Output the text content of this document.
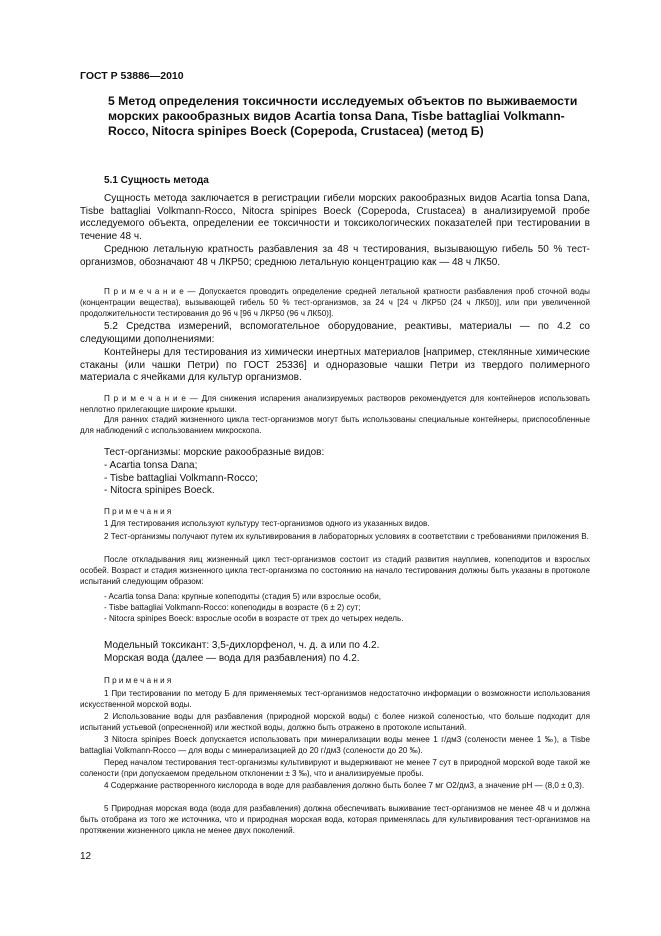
ГОСТ Р 53886—2010
5 Метод определения токсичности исследуемых объектов по выживаемости морских ракообразных видов Acartia tonsa Dana, Tisbe battagliai Volkmann-Rocco, Nitocra spinipes Boeck (Copepoda, Crustacea) (метод Б)
5.1 Сущность метода

Сущность метода заключается в регистрации гибели морских ракообразных видов Acartia tonsa Dana, Tisbe battagliai Volkmann-Rocco, Nitocra spinipes Boeck (Copepoda, Crustacea) в анализируемой пробе исследуемого объекта, определении ее токсичности и токсикологических показателей при тестировании в течение 48 ч.

Среднюю летальную кратность разбавления за 48 ч тестирования, вызывающую гибель 50 % тест-организмов, обозначают 48 ч ЛКР50; среднюю летальную концентрацию как — 48 ч ЛК50.

П р и м е ч а н и е — Допускается проводить определение средней летальной кратности разбавления проб сточной воды (концентрации вещества), вызывающей гибель 50 % тест-организмов, за 24 ч [24 ч ЛКР50 (24 ч ЛК50)], или при увеличенной продолжительности тестирования до 96 ч [96 ч ЛКР50 (96 ч ЛК50)].

5.2 Средства измерений, вспомогательное оборудование, реактивы, материалы — по 4.2 со следующими дополнениями:

Контейнеры для тестирования из химически инертных материалов [например, стеклянные химические стаканы (или чашки Петри) по ГОСТ 25336] и одноразовые чашки Петри из твердого полимерного материала с ячейками для культур организмов.

П р и м е ч а н и е — Для снижения испарения анализируемых растворов рекомендуется для контейнеров использовать неплотно прилегающие широкие крышки.

Для ранних стадий жизненного цикла тест-организмов могут быть использованы специальные контейнеры, приспособленные для наблюдений с использованием микроскопа.

Тест-организмы: морские ракообразные видов:

- Acartia tonsa Dana;
- Tisbe battagliai Volkmann-Rocco;
- Nitocra spinipes Boeck.

П р и м е ч а н и я

1 Для тестирования используют культуру тест-организмов одного из указанных видов.

2 Тест-организмы получают путем их культивирования в лабораторных условиях в соответствии с требованиями приложения В.

После откладывания яиц жизненный цикл тест-организмов состоит из стадий развития науплиев, копеподитов и взрослых особей. Возраст и стадия жизненного цикла тест-организма по состоянию на начало тестирования должны быть указаны в протоколе испытаний следующим образом:

- Acartia tonsa Dana: крупные копеподиты (стадия 5) или взрослые особи,
- Tisbe battagliai Volkmann-Rocco: копеподиды в возрасте (6 ± 2) сут;
- Nitocra spinipes Boeck: взрослые особи в возрасте от трех до четырех недель.

Модельный токсикант: 3,5-дихлорфенол, ч. д. а или по 4.2.

Морская вода (далее — вода для разбавления) по 4.2.

П р и м е ч а н и я

1 При тестировании по методу Б для применяемых тест-организмов недостаточно информации о возможности использования искусственной морской воды.

2 Использование воды для разбавления (природной морской воды) с более низкой соленостью, что больше подходит для испытаний устьевой (опресненной) или жесткой воды, должно быть отражено в протоколе испытаний.

3 Nitocra spinipes Boeck допускается использовать при минерализации воды менее 1 г/дм3 (солености менее 1 ‰), а Tisbe battagliai Volkmann-Rocco — для воды с минерализацией до 20 г/дм3 (солености до 20 ‰).

Перед началом тестирования тест-организмы культивируют и выдерживают не менее 7 сут в природной морской воде такой же солености (при допускаемом предельном отклонении ± 3 ‰), что и анализируемые пробы.

4 Содержание растворенного кислорода в воде для разбавления должно быть более 7 мг O2/дм3, а значение pH — (8,0 ± 0,3).

5 Природная морская вода (вода для разбавления) должна обеспечивать выживание тест-организмов не менее 48 ч и должна быть отобрана из того же источника, что и природная морская вода, которая применялась для культивирования тест-организмов на протяжении жизненного цикла не менее двух поколений.

12
